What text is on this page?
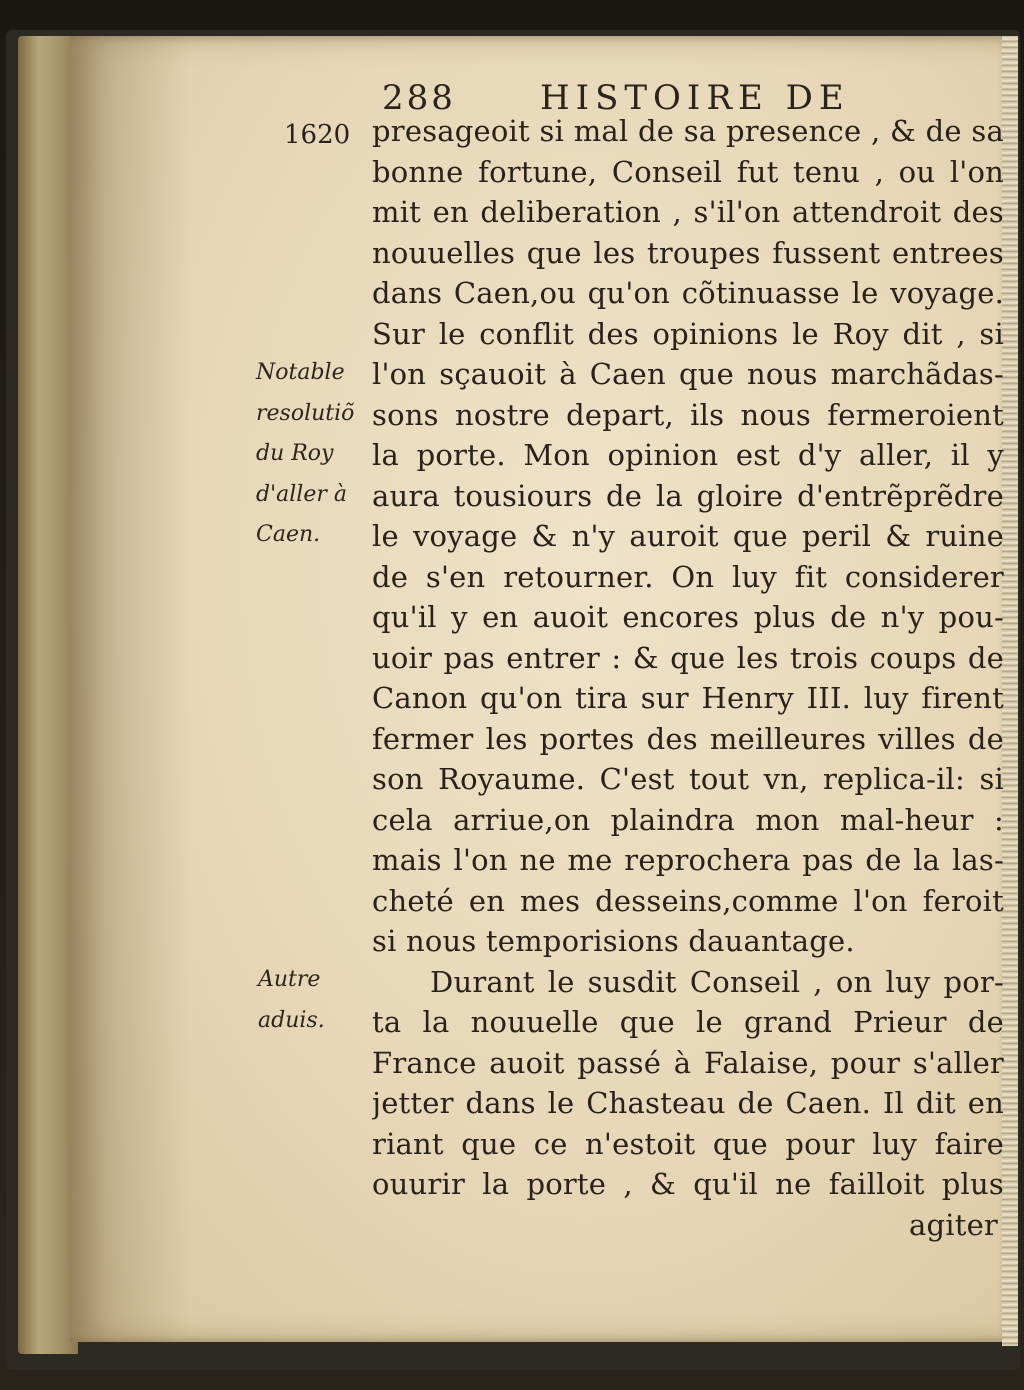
288 HISTOIRE DE
1620
Notable
resolutiõ
du Roy
d'aller à
Caen.
Autre
aduis.
presageoit si mal de sa presence , & de sa
bonne fortune, Conseil fut tenu , ou l'on
mit en deliberation , s'il'on attendroit des
nouuelles que les troupes fussent entrees
dans Caen,ou qu'on cõtinuasse le voyage.
Sur le conflit des opinions le Roy dit , si
l'on sçauoit à Caen que nous marchãdas-
sons nostre depart, ils nous fermeroient
la porte. Mon opinion est d'y aller, il y
aura tousiours de la gloire d'entrẽprẽdre
le voyage & n'y auroit que peril & ruine
de s'en retourner. On luy fit considerer
qu'il y en auoit encores plus de n'y pou-
uoir pas entrer : & que les trois coups de
Canon qu'on tira sur Henry III. luy firent
fermer les portes des meilleures villes de
son Royaume. C'est tout vn, replica-il: si
cela arriue,on plaindra mon mal-heur :
mais l'on ne me reprochera pas de la las-
cheté en mes desseins,comme l'on feroit
si nous temporisions dauantage.
Durant le susdit Conseil , on luy por-
ta la nouuelle que le grand Prieur de
France auoit passé à Falaise, pour s'aller
jetter dans le Chasteau de Caen. Il dit en
riant que ce n'estoit que pour luy faire
ouurir la porte , & qu'il ne failloit plus
agiter
